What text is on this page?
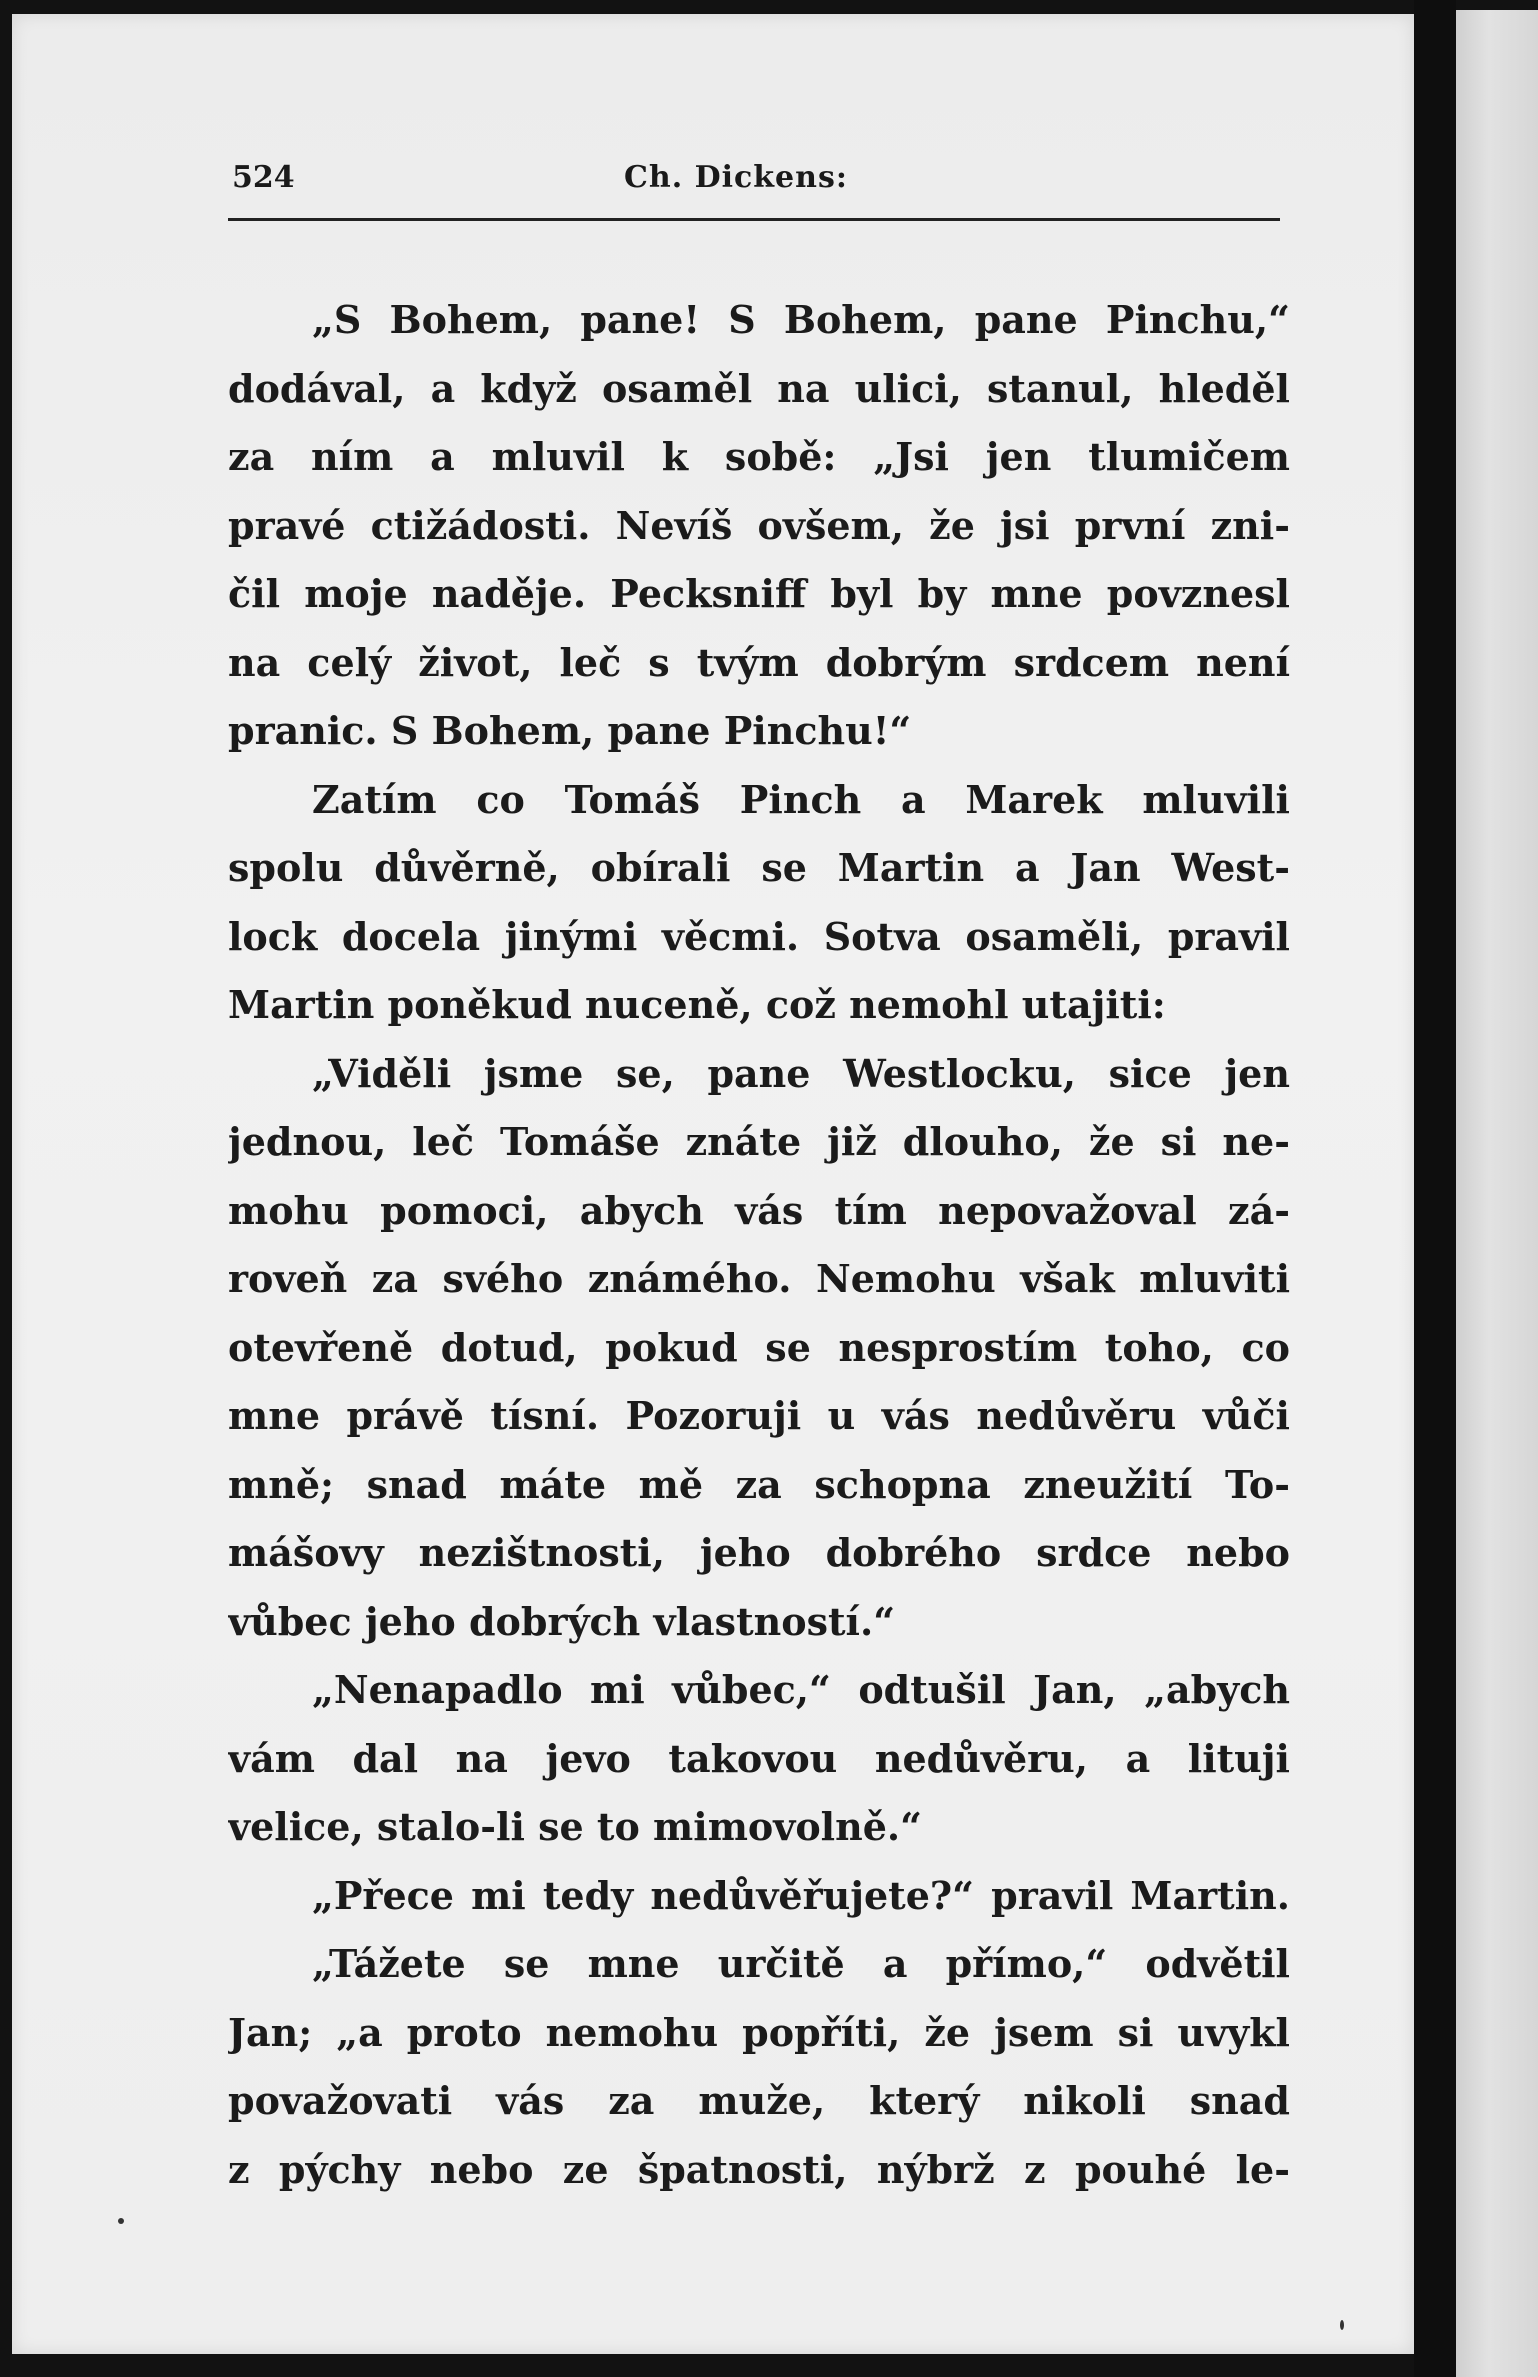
524	Ch. Dickens:
„S Bohem, pane! S Bohem, pane Pinchu,“
dodával, a když osaměl na ulici, stanul, hleděl
za ním a mluvil k sobě: „Jsi jen tlumičem
pravé ctižádosti. Nevíš ovšem, že jsi první zni-
čil moje naděje. Pecksniff byl by mne povznesl
na celý život, leč s tvým dobrým srdcem není
pranic. S Bohem, pane Pinchu!“
Zatím co Tomáš Pinch a Marek mluvili
spolu důvěrně, obírali se Martin a Jan West-
lock docela jinými věcmi. Sotva osaměli, pravil
Martin poněkud nuceně, což nemohl utajiti:
„Viděli jsme se, pane Westlocku, sice jen
jednou, leč Tomáše znáte již dlouho, že si ne-
mohu pomoci, abych vás tím nepovažoval zá-
roveň za svého známého. Nemohu však mluviti
otevřeně dotud, pokud se nesprostím toho, co
mne právě tísní. Pozoruji u vás nedůvěru vůči
mně; snad máte mě za schopna zneužití To-
mášovy nezištnosti, jeho dobrého srdce nebo
vůbec jeho dobrých vlastností.“
„Nenapadlo mi vůbec,“ odtušil Jan, „abych
vám dal na jevo takovou nedůvěru, a lituji
velice, stalo-li se to mimovolně.“
„Přece mi tedy nedůvěřujete?“ pravil Martin.
„Tážete se mne určitě a přímo,“ odvětil
Jan; „a proto nemohu popříti, že jsem si uvykl
považovati vás za muže, který nikoli snad
z pýchy nebo ze špatnosti, nýbrž z pouhé le-
